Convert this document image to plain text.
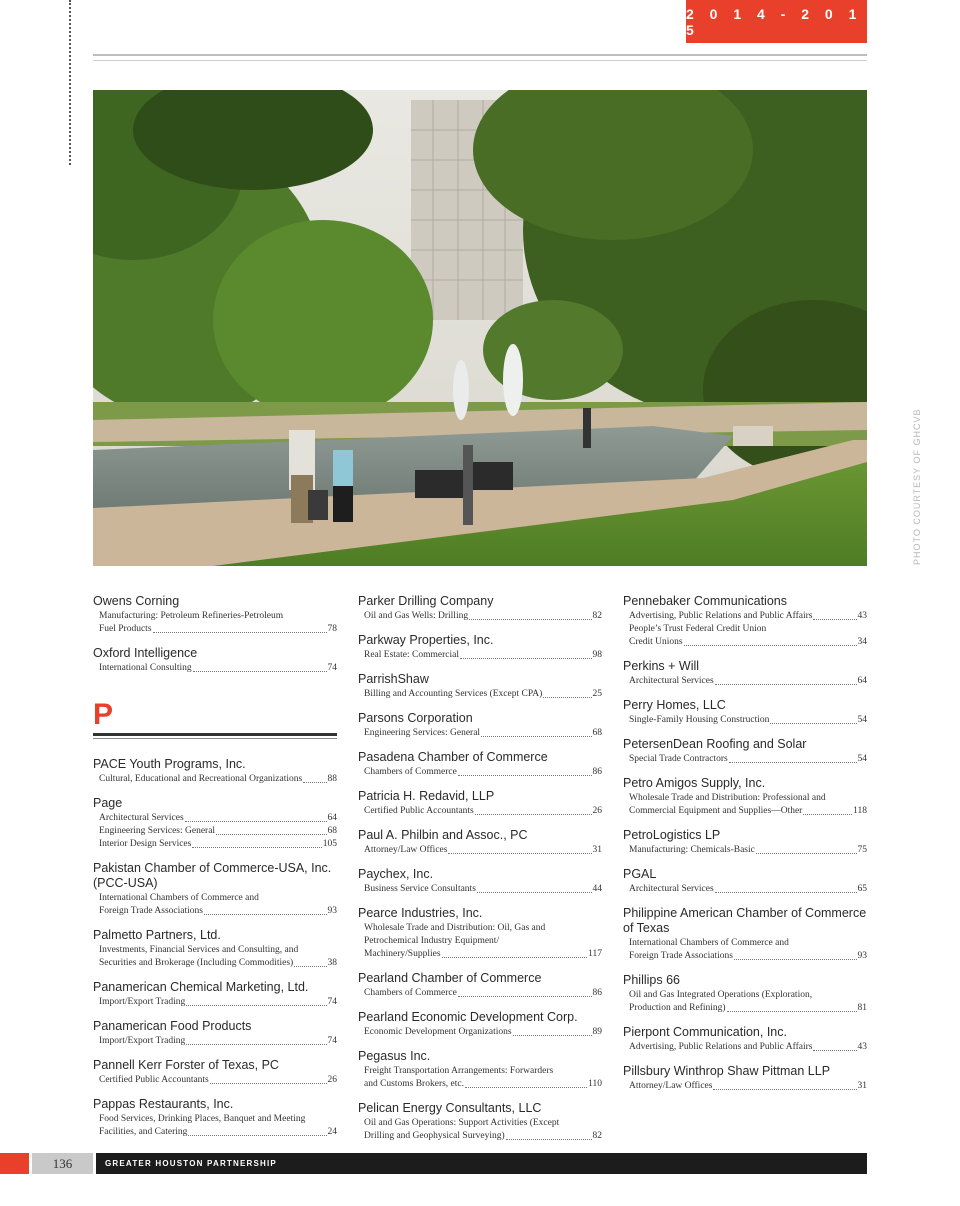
2 0 1 4 - 2 0 1 5
PHOTO COURTESY OF GHCVB
Owens Corning
Manufacturing: Petroleum Refineries-Petroleum
Fuel Products	78
Oxford Intelligence
International Consulting	74
P
PACE Youth Programs, Inc.
Cultural, Educational and Recreational Organizations	88
Page
Architectural Services	64
Engineering Services: General	68
Interior Design Services	105
Pakistan Chamber of Commerce-USA, Inc. (PCC-USA)
International Chambers of Commerce and
Foreign Trade Associations	93
Palmetto Partners, Ltd.
Investments, Financial Services and Consulting, and
Securities and Brokerage (Including Commodities)	38
Panamerican Chemical Marketing, Ltd.
Import/Export Trading	74
Panamerican Food Products
Import/Export Trading	74
Pannell Kerr Forster of Texas, PC
Certified Public Accountants	26
Pappas Restaurants, Inc.
Food Services, Drinking Places, Banquet and Meeting
Facilities, and Catering	24
Parker Drilling Company
Oil and Gas Wells: Drilling	82
Parkway Properties, Inc.
Real Estate: Commercial	98
ParrishShaw
Billing and Accounting Services (Except CPA)	25
Parsons Corporation
Engineering Services: General	68
Pasadena Chamber of Commerce
Chambers of Commerce	86
Patricia H. Redavid, LLP
Certified Public Accountants	26
Paul A. Philbin and Assoc., PC
Attorney/Law Offices	31
Paychex, Inc.
Business Service Consultants	44
Pearce Industries, Inc.
Wholesale Trade and Distribution: Oil, Gas and
Petrochemical Industry Equipment/
Machinery/Supplies	117
Pearland Chamber of Commerce
Chambers of Commerce	86
Pearland Economic Development Corp.
Economic Development Organizations	89
Pegasus Inc.
Freight Transportation Arrangements: Forwarders
and Customs Brokers, etc.	110
Pelican Energy Consultants, LLC
Oil and Gas Operations: Support Activities (Except
Drilling and Geophysical Surveying)	82
Pennebaker Communications
Advertising, Public Relations and Public Affairs	43
People’s Trust Federal Credit Union
Credit Unions	34
Perkins + Will
Architectural Services	64
Perry Homes, LLC
Single-Family Housing Construction	54
PetersenDean Roofing and Solar
Special Trade Contractors	54
Petro Amigos Supply, Inc.
Wholesale Trade and Distribution: Professional and
Commercial Equipment and Supplies—Other	118
PetroLogistics LP
Manufacturing: Chemicals-Basic	75
PGAL
Architectural Services	65
Philippine American Chamber of Commerce of Texas
International Chambers of Commerce and
Foreign Trade Associations	93
Phillips 66
Oil and Gas Integrated Operations (Exploration,
Production and Refining)	81
Pierpont Communication, Inc.
Advertising, Public Relations and Public Affairs	43
Pillsbury Winthrop Shaw Pittman LLP
Attorney/Law Offices	31
136	GREATER HOUSTON PARTNERSHIP
